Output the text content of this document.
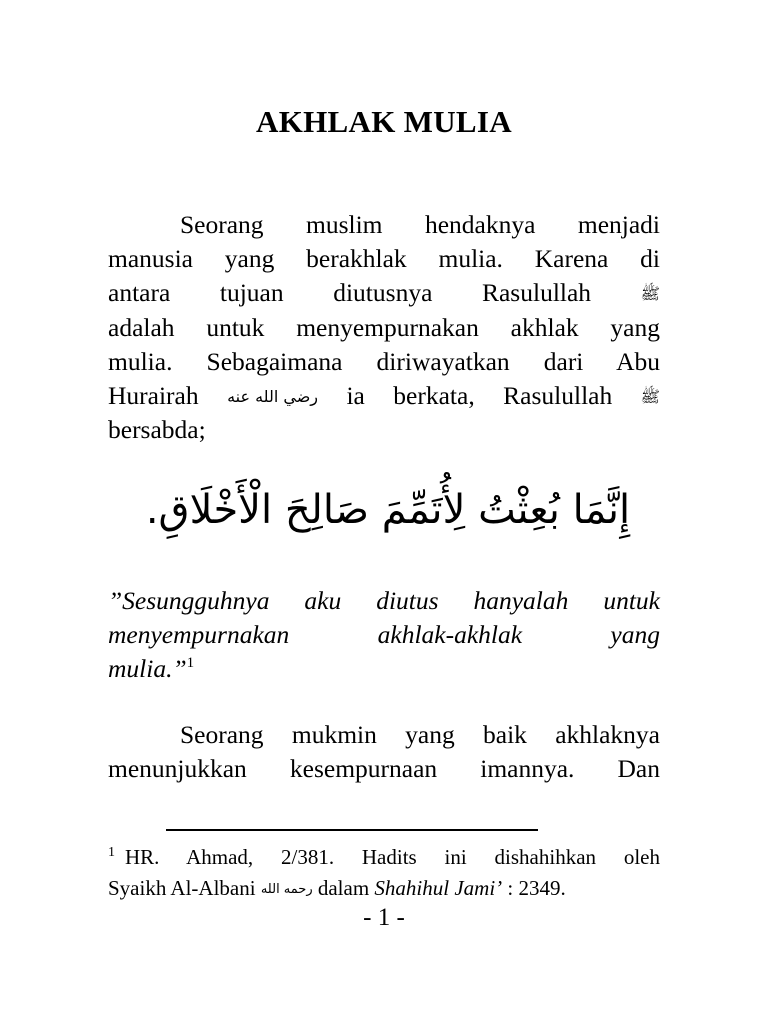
AKHLAK MULIA
Seorang muslim hendaknya menjadi
manusia yang berakhlak mulia. Karena di
antara tujuan diutusnya Rasulullah	ﷺ
adalah untuk menyempurnakan akhlak yang
mulia. Sebagaimana diriwayatkan dari Abu
Hurairah رضي الله عنه ia berkata, Rasulullah ﷺ
bersabda;
إِنَّمَا بُعِثْتُ لِأُتَمِّمَ صَالِحَ الْأَخْلَاقِ.
”Sesungguhnya aku diutus hanyalah untuk
menyempurnakan akhlak-akhlak yang
mulia.”$^1$
Seorang mukmin yang baik akhlaknya
menunjukkan kesempurnaan imannya. Dan
$^1$ HR. Ahmad, 2/381. Hadits ini dishahihkan oleh
Syaikh Al-Albani رحمه الله dalam Shahihul Jami’ : 2349.
- 1 -
